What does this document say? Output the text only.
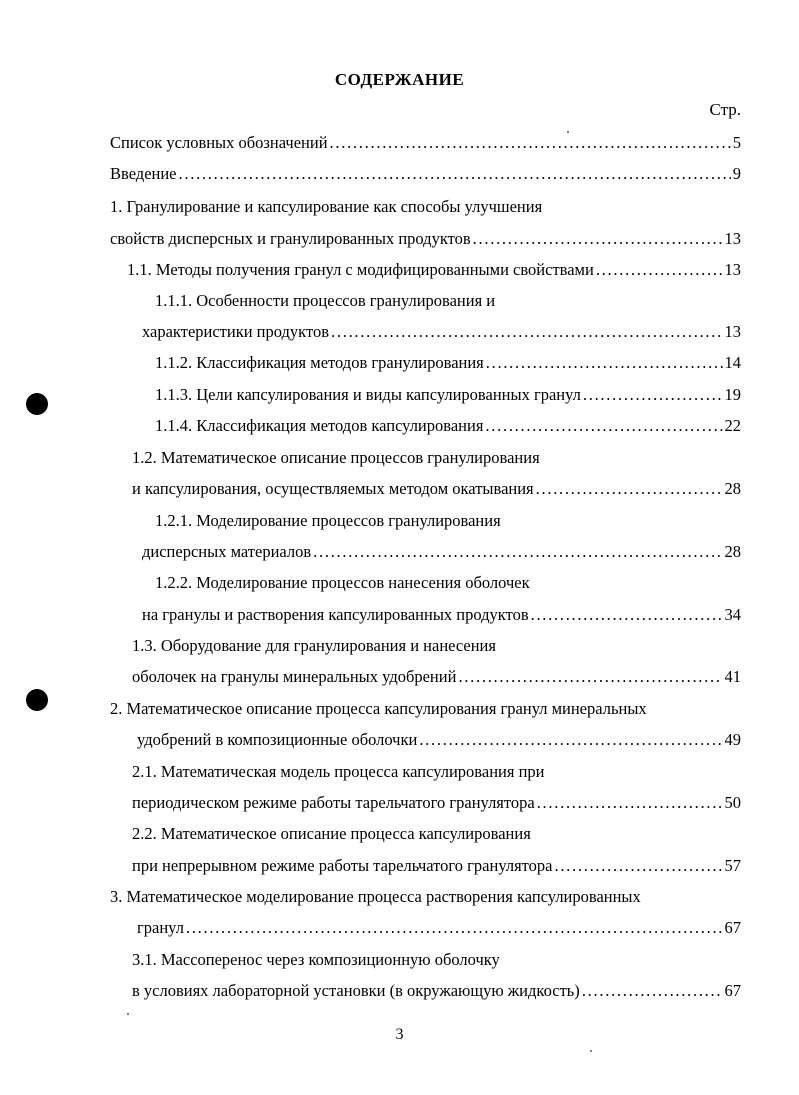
СОДЕРЖАНИЕ
Стр.
Список условных обозначений . . .	5
Введение . . .	9
1. Гранулирование и капсулирование как способы улучшения
свойств дисперсных и гранулированных продуктов . . .	13
1.1. Методы получения гранул с модифицированными свойствами . . .	13
1.1.1. Особенности процессов гранулирования и
характеристики продуктов . . .	13
1.1.2. Классификация методов гранулирования . . .	14
1.1.3. Цели капсулирования и виды капсулированных гранул . . .	19
1.1.4. Классификация методов капсулирования . . .	22
1.2. Математическое описание процессов гранулирования
и капсулирования, осуществляемых методом окатывания . . .	28
1.2.1. Моделирование процессов гранулирования
дисперсных материалов . . .	28
1.2.2. Моделирование процессов нанесения оболочек
на гранулы и растворения капсулированных продуктов . . .	34
1.3. Оборудование для гранулирования и нанесения
оболочек на гранулы минеральных удобрений . . .	41
2. Математическое описание процесса капсулирования гранул минеральных
удобрений в композиционные оболочки . . .	49
2.1. Математическая модель процесса капсулирования при
периодическом режиме работы тарельчатого гранулятора . . .	50
2.2. Математическое описание процесса капсулирования
при непрерывном режиме работы тарельчатого гранулятора . . .	57
3. Математическое моделирование процесса растворения капсулированных
гранул . . .	67
3.1. Массоперенос через композиционную оболочку
в условиях лабораторной установки (в окружающую жидкость) . . .	67
3
